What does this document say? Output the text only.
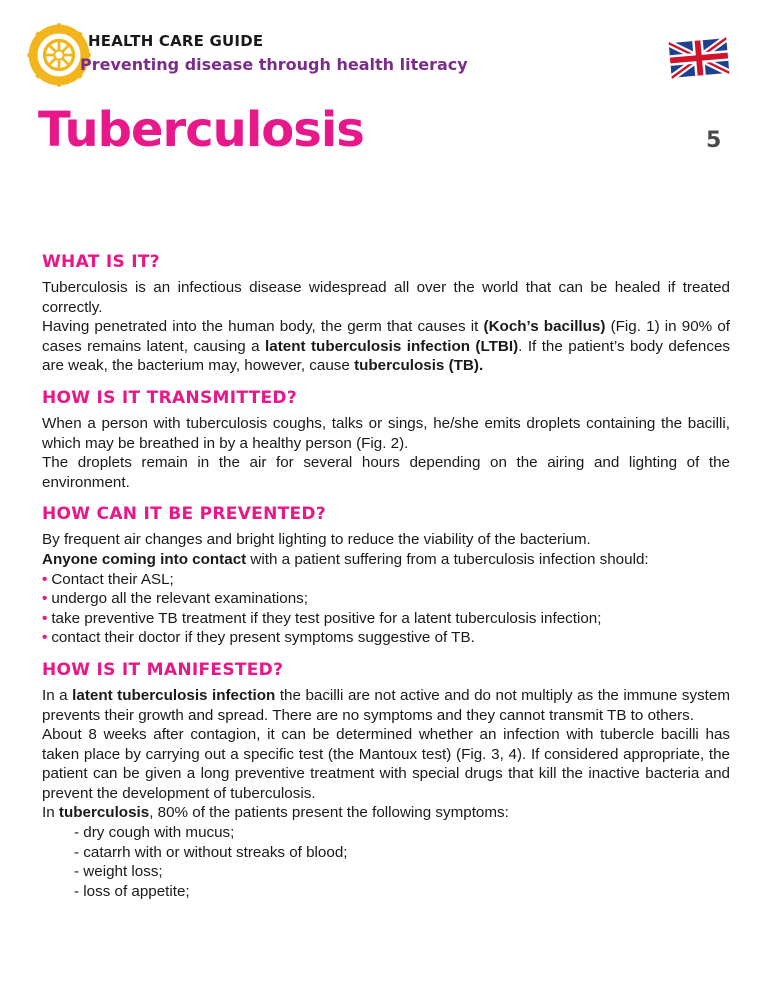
HEALTH CARE GUIDE
Preventing disease through health literacy
Tuberculosis	5
WHAT IS IT?

Tuberculosis is an infectious disease widespread all over the world that can be healed if treated correctly.

Having penetrated into the human body, the germ that causes it (Koch’s bacillus) (Fig. 1) in 90% of cases remains latent, causing a latent tuberculosis infection (LTBI). If the patient’s body defences are weak, the bacterium may, however, cause tuberculosis (TB).

HOW IS IT TRANSMITTED?

When a person with tuberculosis coughs, talks or sings, he/she emits droplets containing the bacilli, which may be breathed in by a healthy person (Fig. 2).

The droplets remain in the air for several hours depending on the airing and lighting of the environment.

HOW CAN IT BE PREVENTED?

By frequent air changes and bright lighting to reduce the viability of the bacterium.

Anyone coming into contact with a patient suffering from a tuberculosis infection should:

• Contact their ASL;
• undergo all the relevant examinations;
• take preventive TB treatment if they test positive for a latent tuberculosis infection;
• contact their doctor if they present symptoms suggestive of TB.
HOW IS IT MANIFESTED?

In a latent tuberculosis infection the bacilli are not active and do not multiply as the immune system prevents their growth and spread. There are no symptoms and they cannot transmit TB to others.

About 8 weeks after contagion, it can be determined whether an infection with tubercle bacilli has taken place by carrying out a specific test (the Mantoux test) (Fig. 3, 4). If considered appropriate, the patient can be given a long preventive treatment with special drugs that kill the inactive bacteria and prevent the development of tuberculosis.

In tuberculosis, 80% of the patients present the following symptoms:

- dry cough with mucus;
- catarrh with or without streaks of blood;
- weight loss;
- loss of appetite;
